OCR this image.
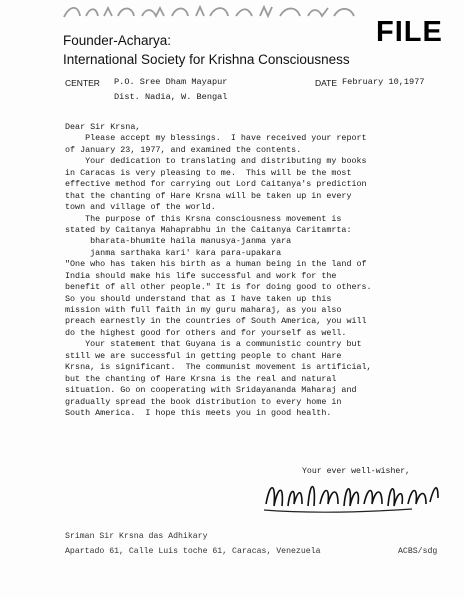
FILE
Founder-Acharya:
International Society for Krishna Consciousness
CENTER P.O. Sree Dham Mayapur
Dist. Nadia, W. Bengal
DATE February 10,1977
Dear Sir Krsna,
Please accept my blessings.  I have received your report
of January 23, 1977, and examined the contents.
Your dedication to translating and distributing my books
in Caracas is very pleasing to me.  This will be the most
effective method for carrying out Lord Caitanya's prediction
that the chanting of Hare Krsna will be taken up in every
town and village of the world.
The purpose of this Krsna consciousness movement is
stated by Caitanya Mahaprabhu in the Caitanya Caritamrta:
bharata-bhumite haila manusya-janma yara
janma sarthaka kari' kara para-upakara
"One who has taken his birth as a human being in the land of
India should make his life successful and work for the
benefit of all other people." It is for doing good to others.
So you should understand that as I have taken up this
mission with full faith in my guru maharaj, as you also
preach earnestly in the countries of South America, you will
do the highest good for others and for yourself as well.
Your statement that Guyana is a communistic country but
still we are successful in getting people to chant Hare
Krsna, is significant.  The communist movement is artificial,
but the chanting of Hare Krsna is the real and natural
situation. Go on cooperating with Sridayananda Maharaj and
gradually spread the book distribution to every home in
South America.  I hope this meets you in good health.
Your ever well-wisher,
Sriman Sir Krsna das Adhikary
Apartado 61, Calle Luis toche 61, Caracas, Venezuela	ACBS/sdg
